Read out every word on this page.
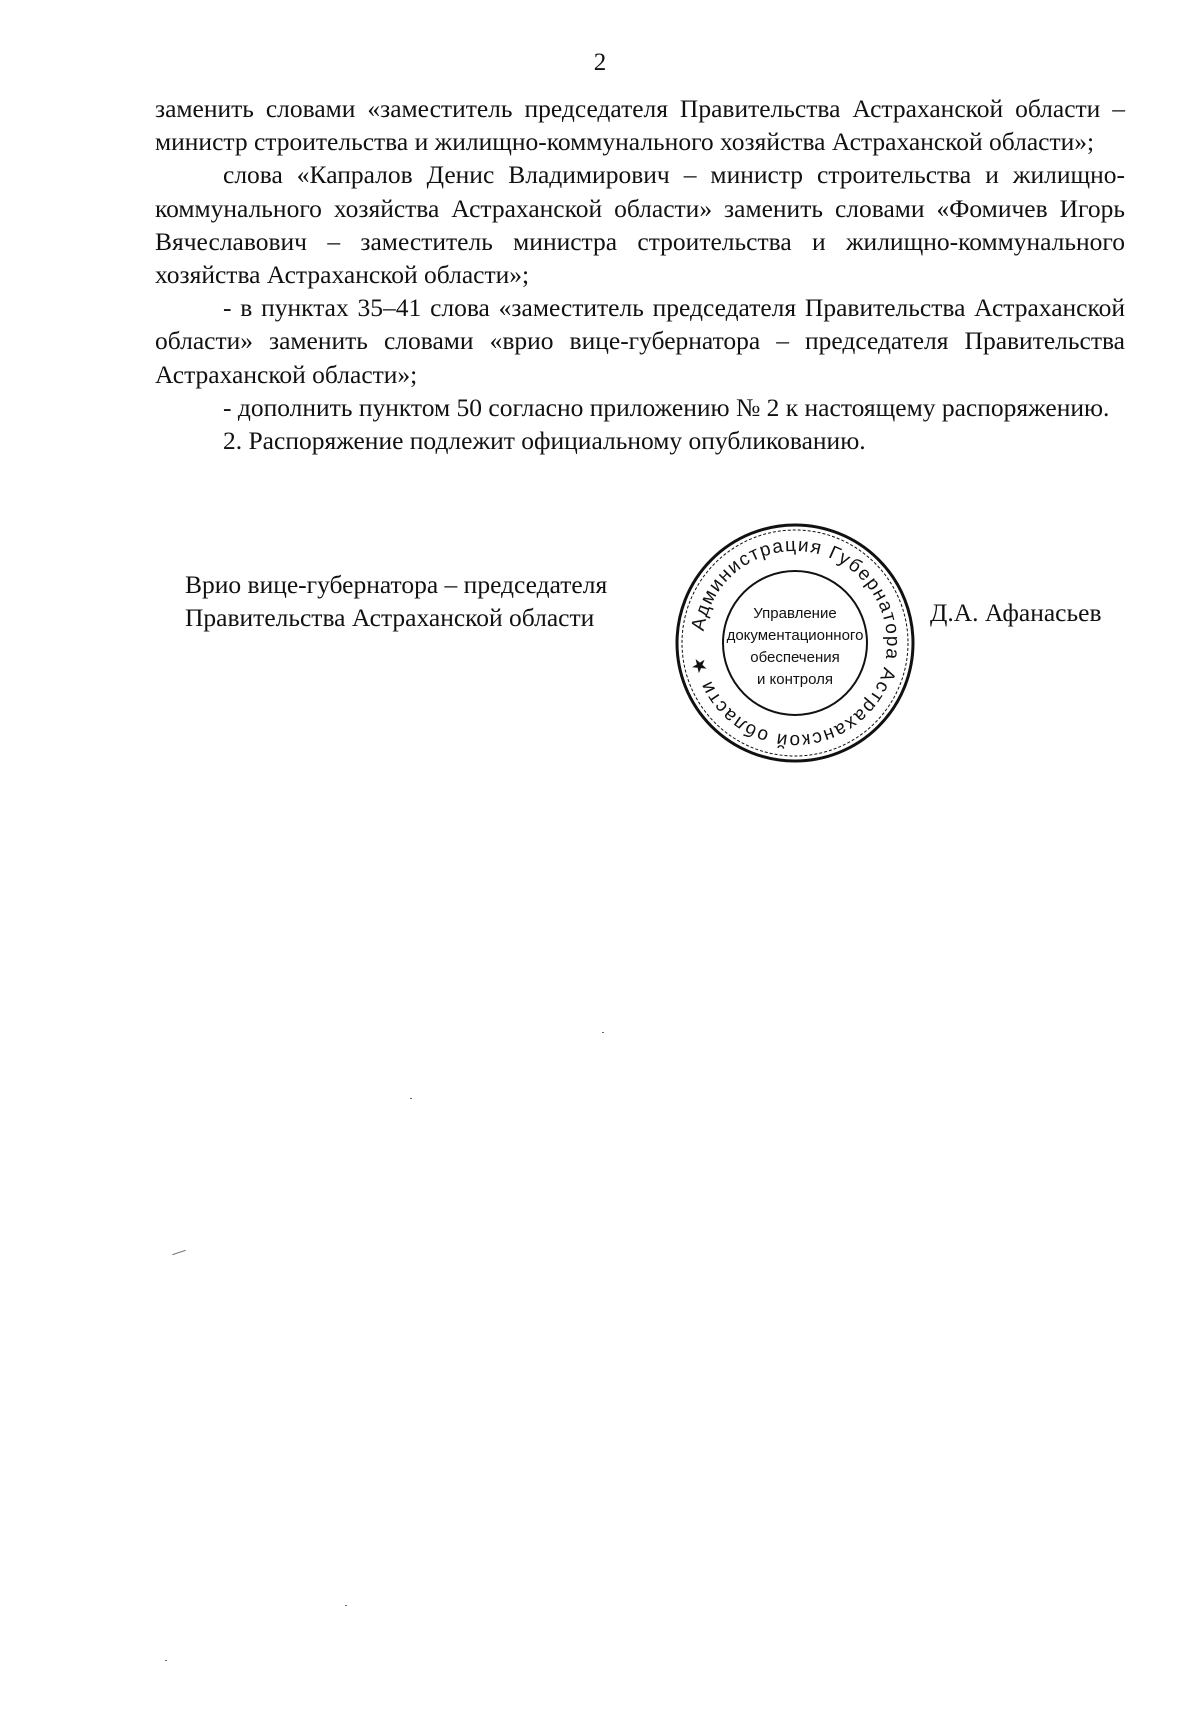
2

заменить словами «заместитель председателя Правительства Астраханской области – министр строительства и жилищно-коммунального хозяйства Астраханской области»;

слова «Капралов Денис Владимирович – министр строительства и жилищно-коммунального хозяйства Астраханской области» заменить словами «Фомичев Игорь Вячеславович – заместитель министра строительства и жилищно-коммунального хозяйства Астраханской области»;

- в пунктах 35–41 слова «заместитель председателя Правительства Астраханской области» заменить словами «врио вице-губернатора – председателя Правительства Астраханской области»;

- дополнить пунктом 50 согласно приложению № 2 к настоящему распоряжению.

2. Распоряжение подлежит официальному опубликованию.

Врио вице-губернатора – председателя
Правительства Астраханской области	Администрация Губернатора Астраханской области ★
Управление
документационного
обеспечения
и контроля
Д.А. Афанасьев
